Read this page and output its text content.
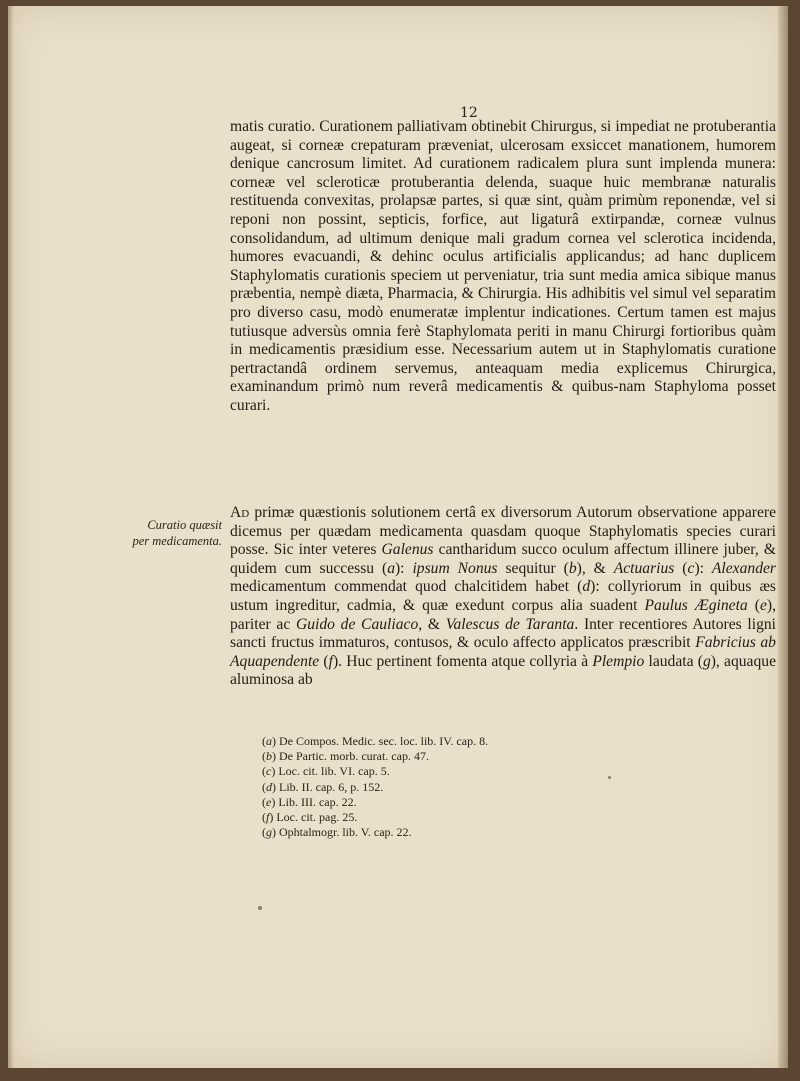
12

matis curatio. Curationem palliativam obtinebit Chirurgus, si impediat ne protuberantia augeat, si corneæ crepaturam præveniat, ulcerosam exsiccet manationem, humorem denique cancrosum limitet. Ad curationem radicalem plura sunt implenda munera: corneæ vel scleroticæ protuberantia delenda, suaque huic membranæ naturalis restituenda convexitas, prolapsæ partes, si quæ sint, quàm primùm reponendæ, vel si reponi non possint, septicis, forfice, aut ligaturâ extirpandæ, corneæ vulnus consolidandum, ad ultimum denique mali gradum cornea vel sclerotica incidenda, humores evacuandi, & dehinc oculus artificialis applicandus; ad hanc duplicem Staphylomatis curationis speciem ut perveniatur, tria sunt media amica sibique manus præbentia, nempè diæta, Pharmacia, & Chirurgia. His adhibitis vel simul vel separatim pro diverso casu, modò enumeratæ implentur indicationes. Certum tamen est majus tutiusque adversùs omnia ferè Staphylomata periti in manu Chirurgi fortioribus quàm in medicamentis præsidium esse. Necessarium autem ut in Staphylomatis curatione pertractandâ ordinem servemus, anteaquam media explicemus Chirurgica, examinandum primò num reverâ medicamentis & quibus-nam Staphyloma posset curari.

Curatio quæsit
per medicamenta.

Ad primæ quæstionis solutionem certâ ex diversorum Autorum observatione apparere dicemus per quædam medicamenta quasdam quoque Staphylomatis species curari posse. Sic inter veteres Galenus cantharidum succo oculum affectum illinere juber, & quidem cum successu (a): ipsum Nonus sequitur (b), & Actuarius (c): Alexander medicamentum commendat quod chalcitidem habet (d): collyriorum in quibus æs ustum ingreditur, cadmia, & quæ exedunt corpus alia suadent Paulus Ægineta (e), pariter ac Guido de Cauliaco, & Valescus de Taranta. Inter recentiores Autores ligni sancti fructus immaturos, contusos, & oculo affecto applicatos præscribit Fabricius ab Aquapendente (f). Huc pertinent fomenta atque collyria à Plempio laudata (g), aquaque aluminosa ab

(a) De Compos. Medic. sec. loc. lib. IV. cap. 8.
(b) De Partic. morb. curat. cap. 47.
(c) Loc. cit. lib. VI. cap. 5.
(d) Lib. II. cap. 6, p. 152.
(e) Lib. III. cap. 22.
(f) Loc. cit. pag. 25.
(g) Ophtalmogr. lib. V. cap. 22.
